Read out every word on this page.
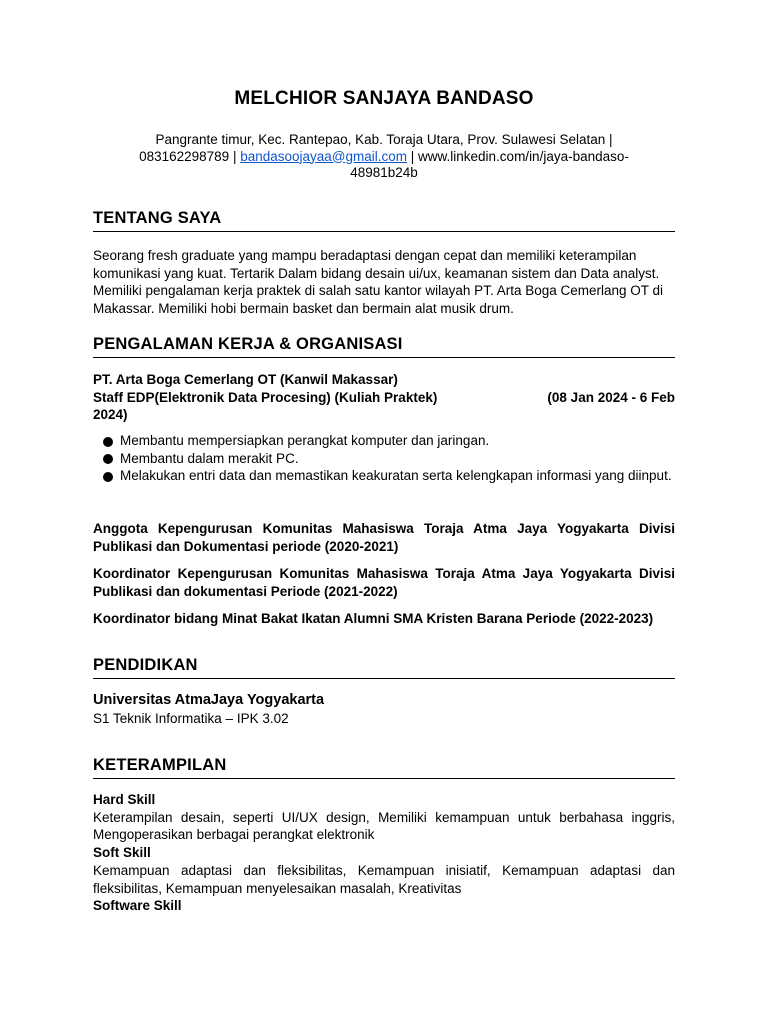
MELCHIOR SANJAYA BANDASO
Pangrante timur, Kec. Rantepao, Kab. Toraja Utara, Prov. Sulawesi Selatan |
083162298789 | bandasoojayaa@gmail.com | www.linkedin.com/in/jaya-bandaso-48981b24b
TENTANG SAYA
Seorang fresh graduate yang mampu beradaptasi dengan cepat dan memiliki keterampilan komunikasi yang kuat. Tertarik Dalam bidang desain ui/ux, keamanan sistem dan Data analyst. Memiliki pengalaman kerja praktek di salah satu kantor wilayah PT. Arta Boga Cemerlang OT di Makassar. Memiliki hobi bermain basket dan bermain alat musik drum.
PENGALAMAN KERJA & ORGANISASI
PT. Arta Boga Cemerlang OT (Kanwil Makassar)
Staff EDP(Elektronik Data Procesing) (Kuliah Praktek)	(08 Jan 2024 - 6 Feb
2024)
Membantu mempersiapkan perangkat komputer dan jaringan.
Membantu dalam merakit PC.
Melakukan entri data dan memastikan keakuratan serta kelengkapan informasi yang diinput.
Anggota Kepengurusan Komunitas Mahasiswa Toraja Atma Jaya Yogyakarta Divisi Publikasi dan Dokumentasi periode (2020-2021)
Koordinator Kepengurusan Komunitas Mahasiswa Toraja Atma Jaya Yogyakarta Divisi Publikasi dan dokumentasi Periode (2021-2022)
Koordinator bidang Minat Bakat Ikatan Alumni SMA Kristen Barana Periode (2022-2023)
PENDIDIKAN
Universitas AtmaJaya Yogyakarta
S1 Teknik Informatika – IPK 3.02
KETERAMPILAN
Hard Skill
Keterampilan desain, seperti UI/UX design, Memiliki kemampuan untuk berbahasa inggris, Mengoperasikan berbagai perangkat elektronik
Soft Skill
Kemampuan adaptasi dan fleksibilitas, Kemampuan inisiatif, Kemampuan adaptasi dan fleksibilitas, Kemampuan menyelesaikan masalah, Kreativitas
Software Skill
